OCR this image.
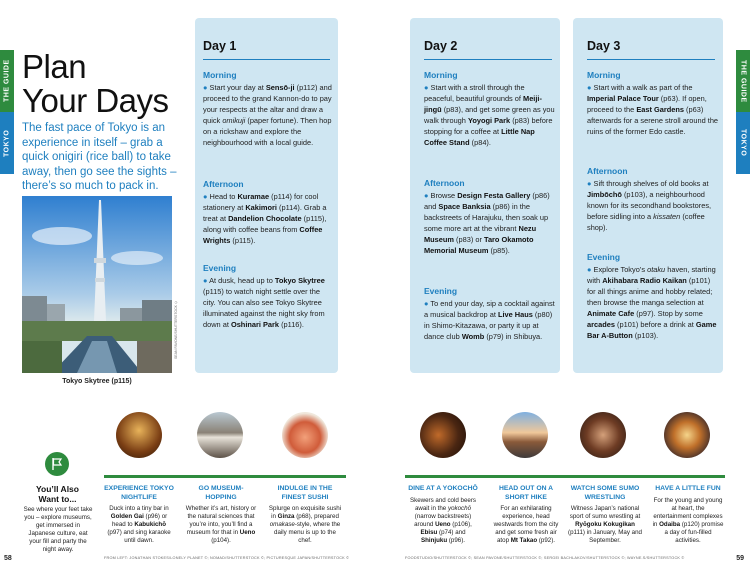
THE GUIDE
TOKYO
THE GUIDE
TOKYO
Plan
Your Days
The fast pace of Tokyo is an experience in itself – grab a quick onigiri (rice ball) to take away, then go see the sights – there’s so much to pack in.
SEAN PAVONE/SHUTTERSTOCK ©
Tokyo Skytree (p115)
Day 1
Morning
● Start your day at Sensō-ji (p112) and proceed to the grand Kannon-do to pay your respects at the altar and draw a quick omikuji (paper fortune). Then hop on a rickshaw and explore the neighbourhood with a local guide.
Afternoon
● Head to Kuramae (p114) for cool stationery at Kakimori (p114). Grab a treat at Dandelion Chocolate (p115), along with coffee beans from Coffee Wrights (p115).
Evening
● At dusk, head up to Tokyo Skytree (p115) to watch night settle over the city. You can also see Tokyo Skytree illuminated against the night sky from down at Oshinari Park (p116).
Day 2
Morning
● Start with a stroll through the peaceful, beautiful grounds of Meiji-jingū (p83), and get some green as you walk through Yoyogi Park (p83) before stopping for a coffee at Little Nap Coffee Stand (p84).
Afternoon
● Browse Design Festa Gallery (p86) and Space Banksia (p86) in the backstreets of Harajuku, then soak up some more art at the vibrant Nezu Museum (p83) or Taro Okamoto Memorial Museum (p85).
Evening
● To end your day, sip a cocktail against a musical backdrop at Live Haus (p80) in Shimo-Kitazawa, or party it up at dance club Womb (p79) in Shibuya.
Day 3
Morning
● Start with a walk as part of the Imperial Palace Tour (p63). If open, proceed to the East Gardens (p63) afterwards for a serene stroll around the ruins of the former Edo castle.
Afternoon
● Sift through shelves of old books at Jimbōchō (p103), a neighbourhood known for its secondhand bookstores, before sidling into a kissaten (coffee shop).
Evening
● Explore Tokyo’s otaku haven, starting with Akihabara Radio Kaikan (p101) for all things anime and hobby related; then browse the manga selection at Animate Cafe (p97). Stop by some arcades (p101) before a drink at Game Bar A-Button (p103).
You’ll Also
Want to...
See where your feet take you – explore museums, get immersed in Japanese culture, eat your fill and party the night away.
EXPERIENCE TOKYO NIGHTLIFE
Duck into a tiny bar in Golden Gai (p96) or head to Kabukichō (p97) and sing karaoke until dawn.
GO MUSEUM-HOPPING
Whether it’s art, history or the natural sciences that you’re into, you’ll find a museum for that in Ueno (p104).
INDULGE IN THE FINEST SUSHI
Splurge on exquisite sushi in Ginza (p68), prepared omakase-style, where the daily menu is up to the chef.
DINE AT A YOKOCHŌ
Skewers and cold beers await in the yokochō (narrow backstreets) around Ueno (p106), Ebisu (p74) and Shinjuku (p96).
HEAD OUT ON A SHORT HIKE
For an exhilarating experience, head westwards from the city and get some fresh air atop Mt Takao (p92).
WATCH SOME SUMO WRESTLING
Witness Japan’s national sport of sumo wrestling at Ryōgoku Kokugikan (p111) in January, May and September.
HAVE A LITTLE FUN
For the young and young at heart, the entertainment complexes in Odaiba (p120) promise a day of fun-filled activities.
FROM LEFT: JONATHAN STOKES/LONELY PLANET ©; NOMAD/SHUTTERSTOCK ©; PICTURESQUE JAPAN/SHUTTERSTOCK ©	FOODSTUDIO/SHUTTERSTOCK ©; SEAN PAVONE/SHUTTERSTOCK ©; SERGEI BACHLAKOV/SHUTTERSTOCK ©; WAYNE.S/SHUTTERSTOCK ©
58	59
